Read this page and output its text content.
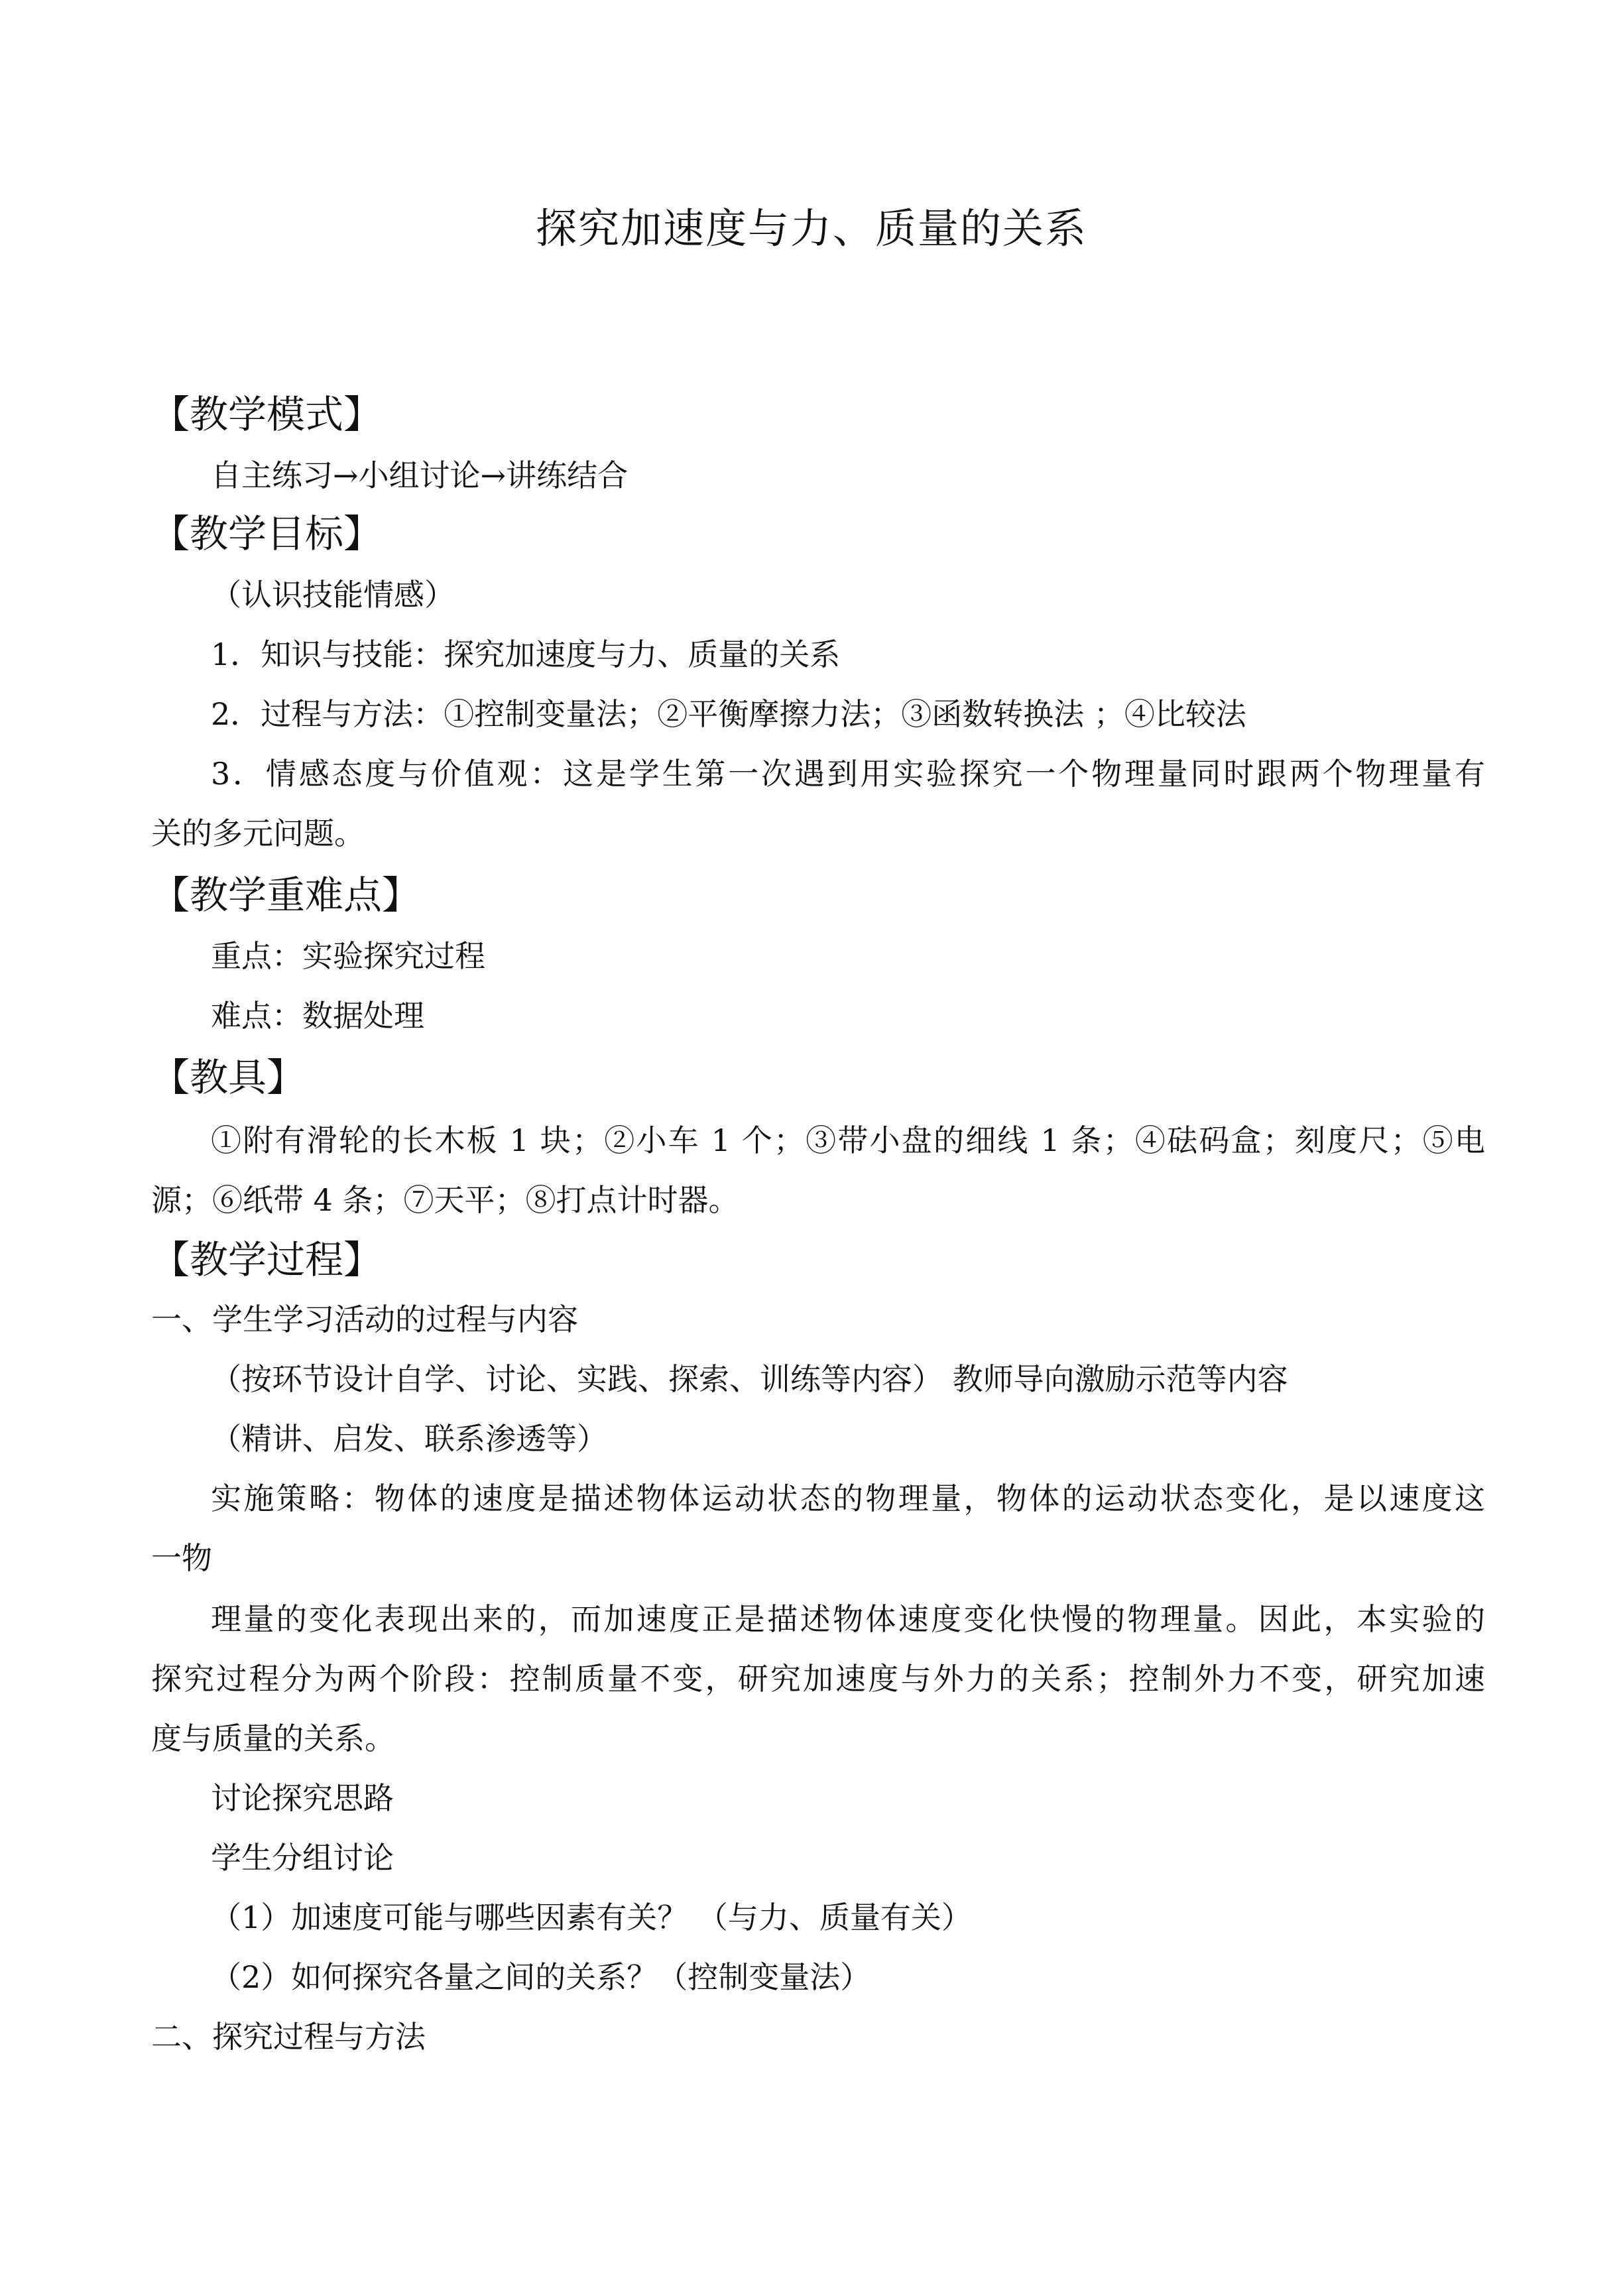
探究加速度与力、质量的关系
【教学模式】
自主练习→小组讨论→讲练结合
【教学目标】
（认识技能情感）
1．知识与技能：探究加速度与力、质量的关系
2．过程与方法：①控制变量法；②平衡摩擦力法；③函数转换法 ；④比较法
3．情感态度与价值观：这是学生第一次遇到用实验探究一个物理量同时跟两个物理量有
关的多元问题。
【教学重难点】
重点：实验探究过程
难点：数据处理
【教具】
①附有滑轮的长木板 1 块；②小车 1 个；③带小盘的细线 1 条；④砝码盒；刻度尺；⑤电
源；⑥纸带 4 条；⑦天平；⑧打点计时器。
【教学过程】
一、学生学习活动的过程与内容
（按环节设计自学、讨论、实践、探索、训练等内容） 教师导向激励示范等内容
（精讲、启发、联系渗透等）
实施策略：物体的速度是描述物体运动状态的物理量，物体的运动状态变化，是以速度这
一物
理量的变化表现出来的，而加速度正是描述物体速度变化快慢的物理量。因此，本实验的
探究过程分为两个阶段：控制质量不变，研究加速度与外力的关系；控制外力不变，研究加速
度与质量的关系。
讨论探究思路
学生分组讨论
（1）加速度可能与哪些因素有关？ （与力、质量有关）
（2）如何探究各量之间的关系？（控制变量法）
二、探究过程与方法
